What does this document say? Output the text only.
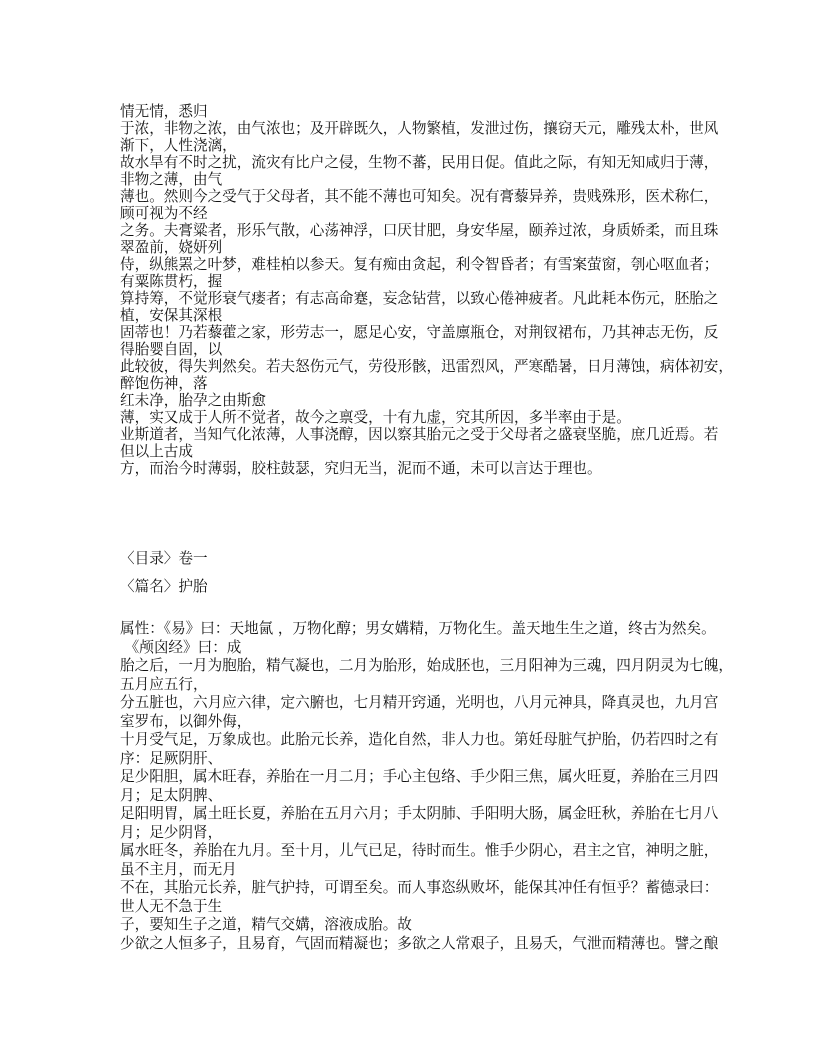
情无情，悉归
于浓，非物之浓，由气浓也；及开辟既久，人物繁植，发泄过伤，攘窃天元，雕残太朴，世风
渐下，人性浇漓，
故水旱有不时之扰，流灾有比户之侵，生物不蕃，民用日促。值此之际，有知无知咸归于薄，
非物之薄，由气
薄也。然则今之受气于父母者，其不能不薄也可知矣。况有膏藜异养，贵贱殊形，医术称仁，
顾可视为不经
之务。夫膏粱者，形乐气散，心荡神浮，口厌甘肥，身安华屋，颐养过浓，身质娇柔，而且珠
翠盈前，娆妍列
侍，纵熊罴之叶梦，难桂柏以参天。复有痴由贪起，利令智昏者；有雪案萤窗，刳心呕血者；
有粟陈贯朽，握
算持筹，不觉形衰气瘘者；有志高命蹇，妄念钻营，以致心倦神疲者。凡此耗本伤元，胚胎之
植，安保其深根
固蒂也！乃若藜藿之家，形劳志一，愿足心安，守盖廪瓶仓，对荆钗裙布，乃其神志无伤，反
得胎婴自固，以
此较彼，得失判然矣。若夫怒伤元气，劳役形骸，迅雷烈风，严寒酷暑，日月薄蚀，病体初安，
醉饱伤神，落
红未净，胎孕之由斯愈
薄，实又成于人所不觉者，故今之禀受，十有九虚，究其所因，多半率由于是。
业斯道者，当知气化浓薄，人事浇醇，因以察其胎元之受于父母者之盛衰坚脆，庶几近焉。若
但以上古成
方，而治今时薄弱，胶柱鼓瑟，究归无当，泥而不通，未可以言达于理也。
〈目录〉卷一
〈篇名〉护胎
属性：《易》曰：天地氤 ，万物化醇；男女媾精，万物化生。盖天地生生之道，终古为然矣。
《颅囟经》曰：成
胎之后，一月为胞胎，精气凝也，二月为胎形，始成胚也，三月阳神为三魂，四月阴灵为七魄，
五月应五行，
分五脏也，六月应六律，定六腑也，七月精开窍通，光明也，八月元神具，降真灵也，九月宫
室罗布，以御外侮，
十月受气足，万象成也。此胎元长养，造化自然，非人力也。第妊母脏气护胎，仍若四时之有
序：足厥阴肝、
足少阳胆，属木旺春，养胎在一月二月；手心主包络、手少阳三焦，属火旺夏，养胎在三月四
月；足太阴脾、
足阳明胃，属土旺长夏，养胎在五月六月；手太阴肺、手阳明大肠，属金旺秋，养胎在七月八
月；足少阴肾，
属水旺冬，养胎在九月。至十月，儿气已足，待时而生。惟手少阴心，君主之官，神明之脏，
虽不主月，而无月
不在，其胎元长养，脏气护持，可谓至矣。而人事恣纵败坏，能保其冲任有恒乎？蓄德录曰：
世人无不急于生
子，要知生子之道，精气交媾，溶液成胎。故
少欲之人恒多子，且易育，气固而精凝也；多欲之人常艰子，且易夭，气泄而精薄也。譬之酿
